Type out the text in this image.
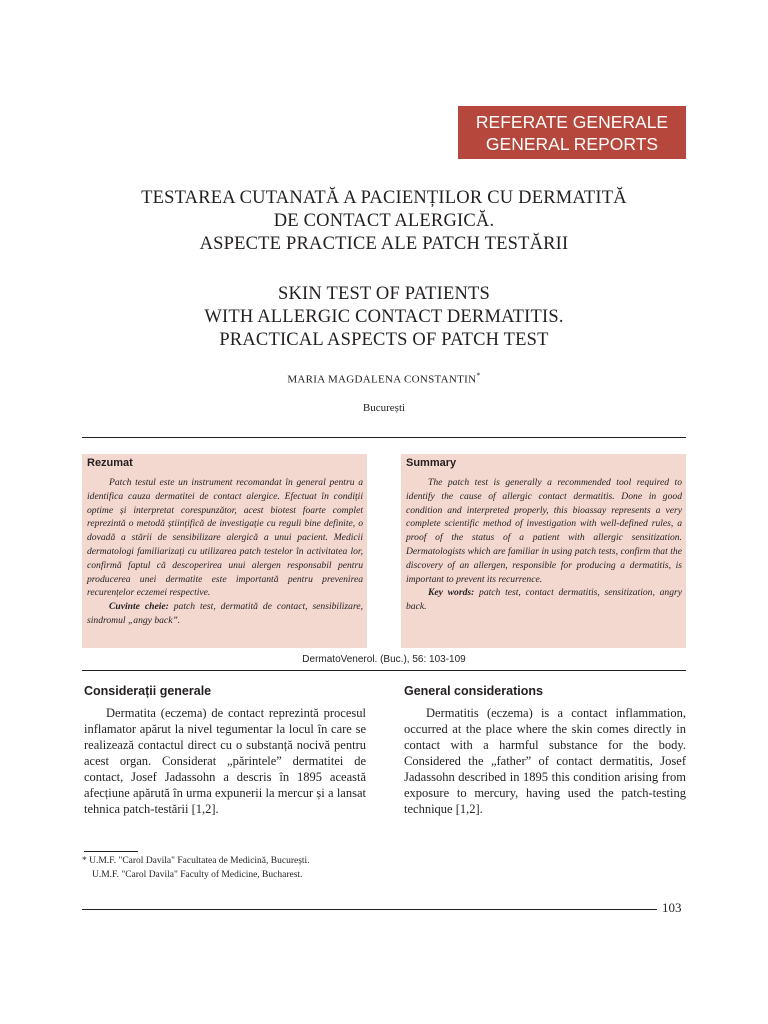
REFERATE GENERALE
GENERAL REPORTS
TESTAREA CUTANATĂ A PACIENȚILOR CU DERMATITĂ
DE CONTACT ALERGICĂ.
ASPECTE PRACTICE ALE PATCH TESTĂRII
SKIN TEST OF PATIENTS
WITH ALLERGIC CONTACT DERMATITIS.
PRACTICAL ASPECTS OF PATCH TEST
MARIA MAGDALENA CONSTANTIN*
București
Rezumat

Patch testul este un instrument recomandat în general pentru a identifica cauza dermatitei de contact alergice. Efectuat în condiții optime și interpretat corespunzător, acest biotest foarte complet reprezintă o metodă științifică de investigație cu reguli bine definite, o dovadă a stării de sensibilizare alergică a unui pacient. Medicii dermatologi familiarizați cu utilizarea patch testelor în activitatea lor, confirmă faptul că descoperirea unui alergen responsabil pentru producerea unei dermatite este importantă pentru prevenirea recurențelor eczemei respective.

Cuvinte cheie: patch test, dermatită de contact, sensibilizare, sindromul „angy back”.

Summary

The patch test is generally a recommended tool required to identify the cause of allergic contact dermatitis. Done in good condition and interpreted properly, this bioassay represents a very complete scientific method of investigation with well-defined rules, a proof of the status of a patient with allergic sensitization. Dermatologists which are familiar in using patch tests, confirm that the discovery of an allergen, responsible for producing a dermatitis, is important to prevent its recurrence.

Key words: patch test, contact dermatitis, sensitization, angry back.

DermatoVenerol. (Buc.), 56: 103-109
Considerații generale	General considerations

Dermatita (eczema) de contact reprezintă procesul inflamator apărut la nivel tegumentar la locul în care se realizează contactul direct cu o substanță nocivă pentru acest organ. Considerat „părintele” dermatitei de contact, Josef Jadassohn a descris în 1895 această afecțiune apărută în urma expunerii la mercur și a lansat tehnica patch-testării [1,2].

Dermatitis (eczema) is a contact inflammation, occurred at the place where the skin comes directly in contact with a harmful substance for the body. Considered the „father” of contact dermatitis, Josef Jadassohn described in 1895 this condition arising from exposure to mercury, having used the patch-testing technique [1,2].

* U.M.F. "Carol Davila" Facultatea de Medicină, București.
U.M.F. "Carol Davila" Faculty of Medicine, Bucharest.
103
